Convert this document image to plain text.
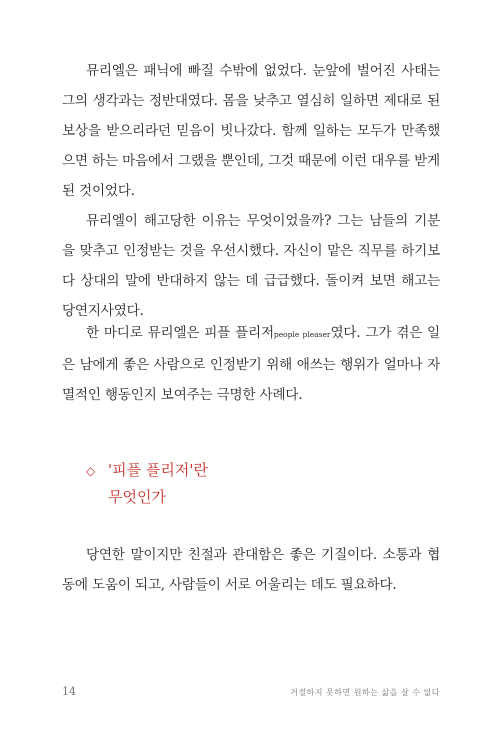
뮤리엘은 패닉에 빠질 수밖에 없었다. 눈앞에 벌어진 사태는 그의 생각과는 정반대였다. 몸을 낮추고 열심히 일하면 제대로 된 보상을 받으리라던 믿음이 빗나갔다. 함께 일하는 모두가 만족했으면 하는 마음에서 그랬을 뿐인데, 그것 때문에 이런 대우를 받게 된 것이었다.

뮤리엘이 해고당한 이유는 무엇이었을까? 그는 남들의 기분을 맞추고 인정받는 것을 우선시했다. 자신이 맡은 직무를 하기보다 상대의 말에 반대하지 않는 데 급급했다. 돌이켜 보면 해고는 당연지사였다.

한 마디로 뮤리엘은 피플 플리저people pleaser였다. 그가 겪은 일은 남에게 좋은 사람으로 인정받기 위해 애쓰는 행위가 얼마나 자멸적인 행동인지 보여주는 극명한 사례다.

◇ '피플 플리저'란
무엇인가

당연한 말이지만 친절과 관대함은 좋은 기질이다. 소통과 협동에 도움이 되고, 사람들이 서로 어울리는 데도 필요하다.

14	거절하지 못하면 원하는 삶을 살 수 없다
